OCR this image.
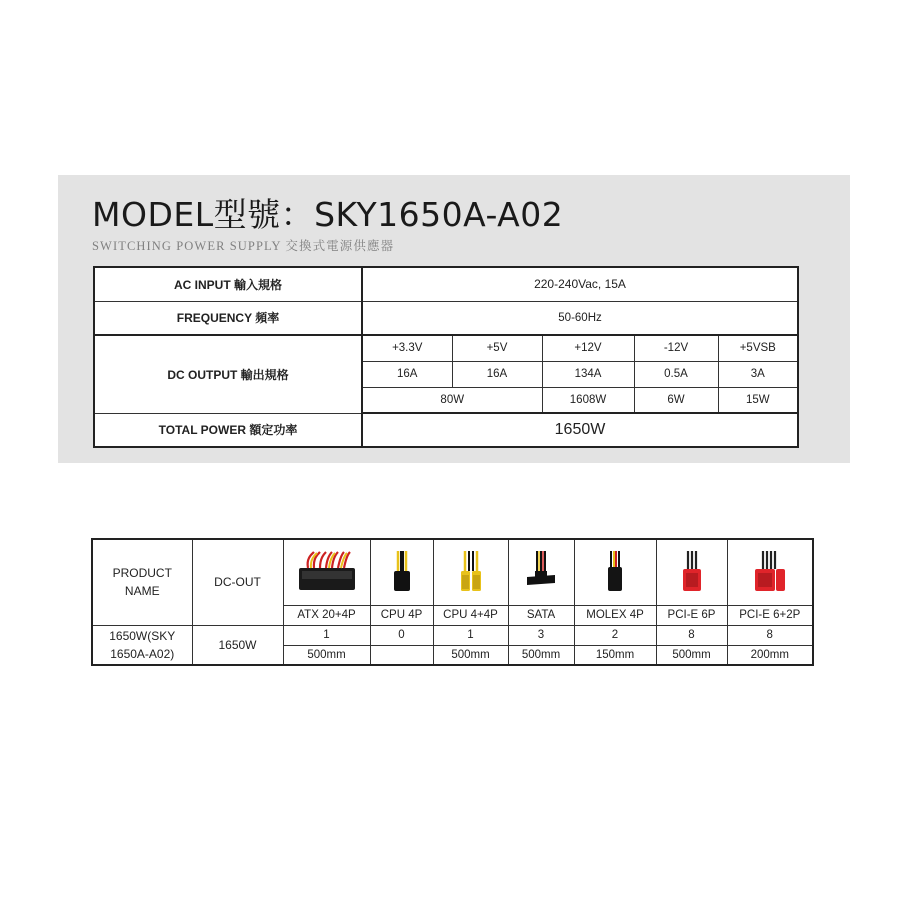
MODEL型號：SKY1650A-A02
SWITCHING POWER SUPPLY 交換式電源供應器
AC INPUT 輸入規格	220-240Vac, 15A				
FREQUENCY 頻率	50-60Hz				
DC OUTPUT 輸出規格	+3.3V	+5V	+12V	-12V	+5VSB
	16A	16A	134A	0.5A	3A
	80W		1608W	6W	15W
TOTAL POWER 額定功率	1650W				
PRODUCT
NAME	DC-OUT							
		ATX 20+4P	CPU 4P	CPU 4+4P	SATA	MOLEX 4P	PCI-E 6P	PCI-E 6+2P

1650W(SKY
1650A-A02)	1650W	1	0	1	3	2	8	8
		500mm		500mm	500mm	150mm	500mm	200mm
